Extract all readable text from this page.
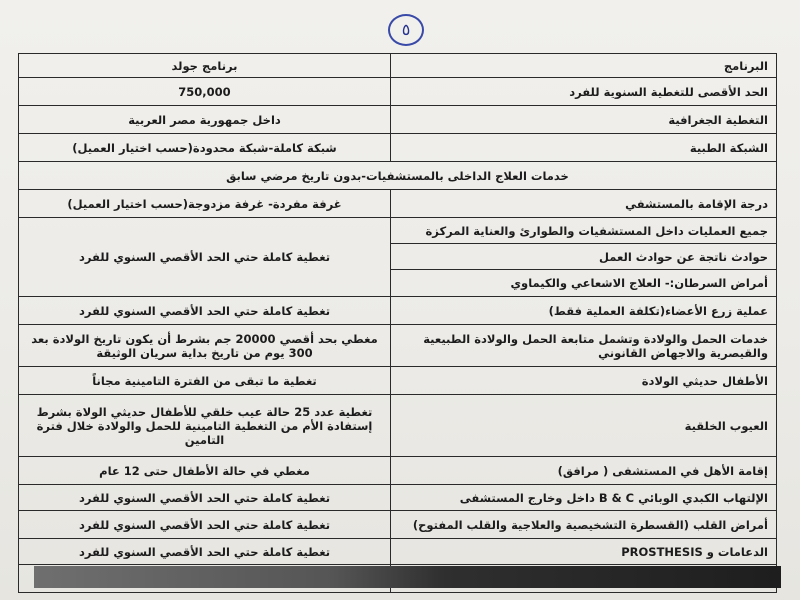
٥
البرنامج	برنامج جولد
الحد الأقصى للتغطية السنوية للفرد	750,000
التغطية الجغرافية	داخل جمهورية مصر العربية
الشبكة الطبية	شبكة كاملة-شبكة محدودة(حسب اختيار العميل)
خدمات العلاج الداخلى بالمستشفيات-بدون تاريخ مرضي سابق	
درجة الإقامة بالمستشفي	غرفة مفردة- غرفة مزدوجة(حسب اختيار العميل)
جميع العمليات داخل المستشفيات والطوارئ والعناية المركزة	تغطية كاملة حتي الحد الأقصي السنوي للفرد
حوادث ناتجة عن حوادث العمل	
أمراض السرطان:- العلاج الاشعاعي والكيماوي	
عملية زرع الأعضاء(تكلفة العملية فقط)	تغطية كاملة حتي الحد الأقصي السنوي للفرد
خدمات الحمل والولادة وتشمل متابعة الحمل والولادة الطبيعية والقيصرية والاجهاض القانوني	مغطي بحد أقصي 20000 جم بشرط أن يكون تاريخ الولادة بعد 300 يوم من تاريخ بداية سريان الوثيقة
الأطفال حديثي الولادة	تغطية ما تبقى من الفترة التامينية مجاناً
العيوب الخلقية	تغطية عدد 25 حالة عيب خلقي للأطفال حديثي الولاة بشرط إستفادة الأم من التغطية التامينية للحمل والولادة خلال فترة التامين
إقامة الأهل في المستشفى ( مرافق)	مغطي في حالة الأطفال حتى 12 عام
الإلتهاب الكبدي الوبائي B & C داخل وخارج المستشفى	تغطية كاملة حتي الحد الأقصي السنوي للفرد
أمراض القلب (القسطرة التشخيصية والعلاجية والقلب المفتوح)	تغطية كاملة حتي الحد الأقصي السنوي للفرد
الدعامات و PROSTHESIS	تغطية كاملة حتي الحد الأقصي السنوي للفرد
